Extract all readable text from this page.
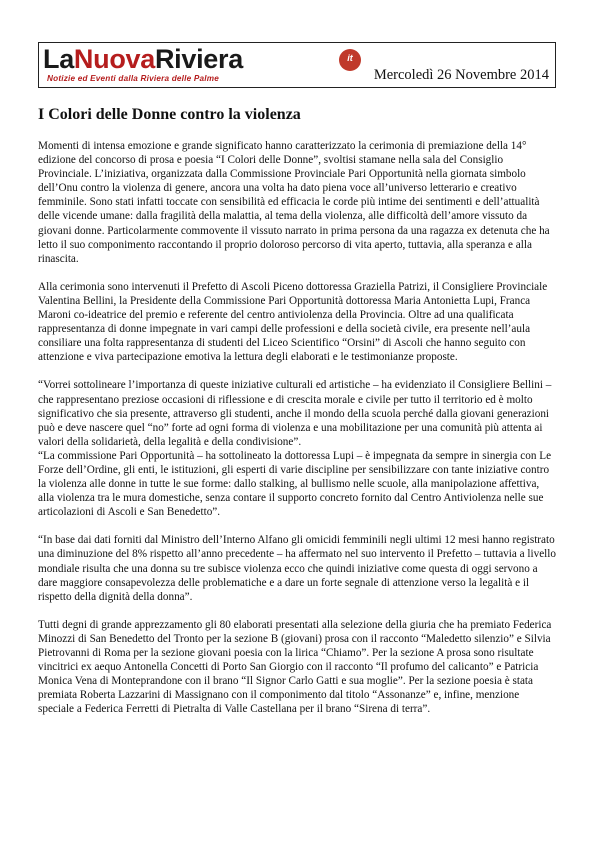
LaNuovaRiviera	it
Notizie ed Eventi dalla Riviera delle Palme	Mercoledì 26 Novembre 2014
I Colori delle Donne contro la violenza

Momenti di intensa emozione e grande significato hanno caratterizzato la cerimonia di premiazione della 14° edizione del concorso di prosa e poesia “I Colori delle Donne”, svoltisi stamane nella sala del Consiglio Provinciale. L’iniziativa, organizzata dalla Commissione Provinciale Pari Opportunità nella giornata simbolo dell’Onu contro la violenza di genere, ancora una volta ha dato piena voce all’universo letterario e creativo femminile. Sono stati infatti toccate con sensibilità ed efficacia le corde più intime dei sentimenti e dell’attualità delle vicende umane: dalla fragilità della malattia, al tema della violenza, alle difficoltà dell’amore vissuto da giovani donne. Particolarmente commovente il vissuto narrato in prima persona da una ragazza ex detenuta che ha letto il suo componimento raccontando il proprio doloroso percorso di vita aperto, tuttavia, alla speranza e alla rinascita.

Alla cerimonia sono intervenuti il Prefetto di Ascoli Piceno dottoressa Graziella Patrizi, il Consigliere Provinciale Valentina Bellini, la Presidente della Commissione Pari Opportunità dottoressa Maria Antonietta Lupi, Franca Maroni co-ideatrice del premio e referente del centro antiviolenza della Provincia. Oltre ad una qualificata rappresentanza di donne impegnate in vari campi delle professioni e della società civile, era presente nell’aula consiliare una folta rappresentanza di studenti del Liceo Scientifico “Orsini” di Ascoli che hanno seguito con attenzione e viva partecipazione emotiva la lettura degli elaborati e le testimonianze proposte.

“Vorrei sottolineare l’importanza di queste iniziative culturali ed artistiche – ha evidenziato il Consigliere Bellini – che rappresentano preziose occasioni di riflessione e di crescita morale e civile per tutto il territorio ed è molto significativo che sia presente, attraverso gli studenti, anche il mondo della scuola perché dalla giovani generazioni può e deve nascere quel “no” forte ad ogni forma di violenza e una mobilitazione per una comunità più attenta ai valori della solidarietà, della legalità e della condivisione”.

“La commissione Pari Opportunità – ha sottolineato la dottoressa Lupi – è impegnata da sempre in sinergia con Le Forze dell’Ordine, gli enti, le istituzioni, gli esperti di varie discipline per sensibilizzare con tante iniziative contro la violenza alle donne in tutte le sue forme: dallo stalking, al bullismo nelle scuole, alla manipolazione affettiva, alla violenza tra le mura domestiche, senza contare il supporto concreto fornito dal Centro Antiviolenza nelle sue articolazioni di Ascoli e San Benedetto”.

“In base dai dati forniti dal Ministro dell’Interno Alfano gli omicidi femminili negli ultimi 12 mesi hanno registrato una diminuzione del 8% rispetto all’anno precedente – ha affermato nel suo intervento il Prefetto – tuttavia a livello mondiale risulta che una donna su tre subisce violenza ecco che quindi iniziative come questa di oggi servono a dare maggiore consapevolezza delle problematiche e a dare un forte segnale di attenzione verso la legalità e il rispetto della dignità della donna”.

Tutti degni di grande apprezzamento gli 80 elaborati presentati alla selezione della giuria che ha premiato Federica Minozzi di San Benedetto del Tronto per la sezione B (giovani) prosa con il racconto “Maledetto silenzio” e Silvia Pietrovanni di Roma per la sezione giovani poesia con la lirica “Chiamo”. Per la sezione A prosa sono risultate vincitrici ex aequo Antonella Concetti di Porto San Giorgio con il racconto “Il profumo del calicanto” e Patricia Monica Vena di Monteprandone con il brano “Il Signor Carlo Gatti e sua moglie”. Per la sezione poesia è stata premiata Roberta Lazzarini di Massignano con il componimento dal titolo “Assonanze” e, infine, menzione speciale a Federica Ferretti di Pietralta di Valle Castellana per il brano “Sirena di terra”.
